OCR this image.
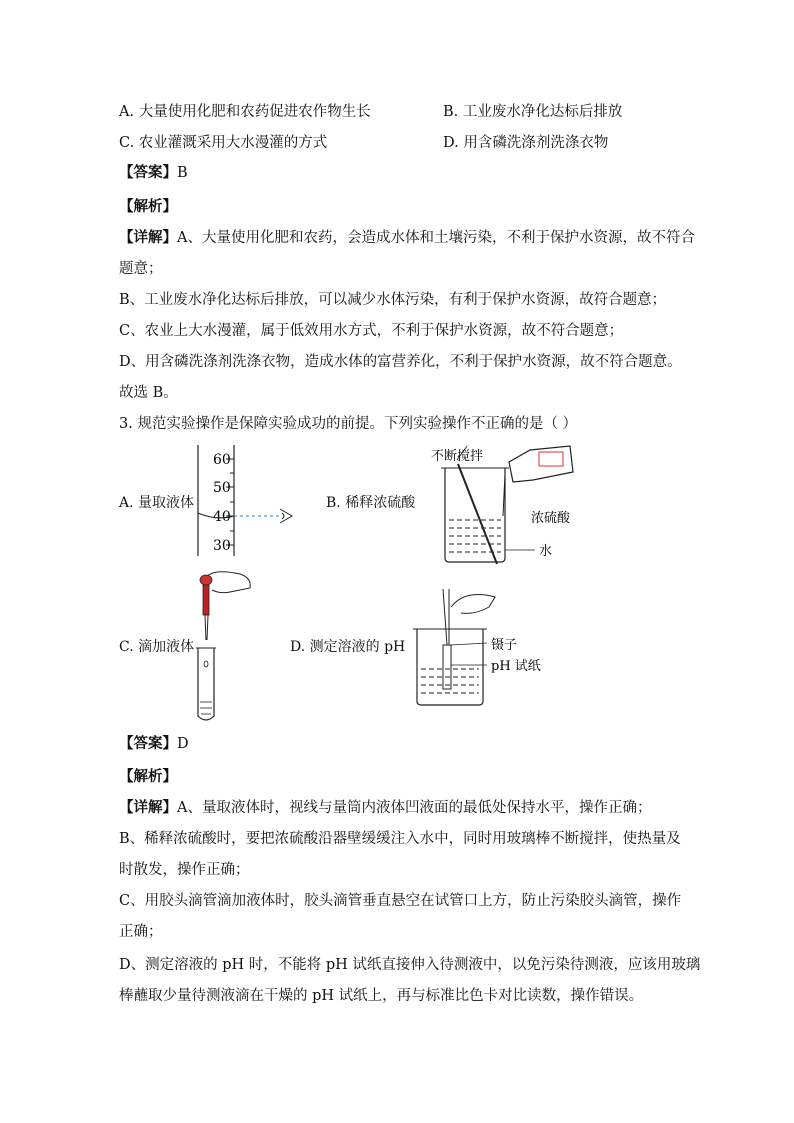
A. 大量使用化肥和农药促进农作物生长	B. 工业废水净化达标后排放
C. 农业灌溉采用大水漫灌的方式	D. 用含磷洗涤剂洗涤衣物
【答案】B
【解析】
【详解】A、大量使用化肥和农药，会造成水体和土壤污染，不利于保护水资源，故不符合
题意；
B、工业废水净化达标后排放，可以减少水体污染，有利于保护水资源，故符合题意；
C、农业上大水漫灌，属于低效用水方式，不利于保护水资源，故不符合题意；
D、用含磷洗涤剂洗涤衣物，造成水体的富营养化，不利于保护水资源，故不符合题意。
故选 B。
3. 规范实验操作是保障实验成功的前提。下列实验操作不正确的是（ ）
A. 量取液体
60
50
40
30
B. 稀释浓硫酸
不断搅拌
浓硫酸
水
C. 滴加液体	D. 测定溶液的 pH	镊子
pH 试纸
【答案】D
【解析】
【详解】A、量取液体时，视线与量筒内液体凹液面的最低处保持水平，操作正确；
B、稀释浓硫酸时，要把浓硫酸沿器壁缓缓注入水中，同时用玻璃棒不断搅拌，使热量及
时散发，操作正确；
C、用胶头滴管滴加液体时，胶头滴管垂直悬空在试管口上方，防止污染胶头滴管，操作
正确；
D、测定溶液的 pH 时，不能将 pH 试纸直接伸入待测液中，以免污染待测液，应该用玻璃
棒蘸取少量待测液滴在干燥的 pH 试纸上，再与标准比色卡对比读数，操作错误。
